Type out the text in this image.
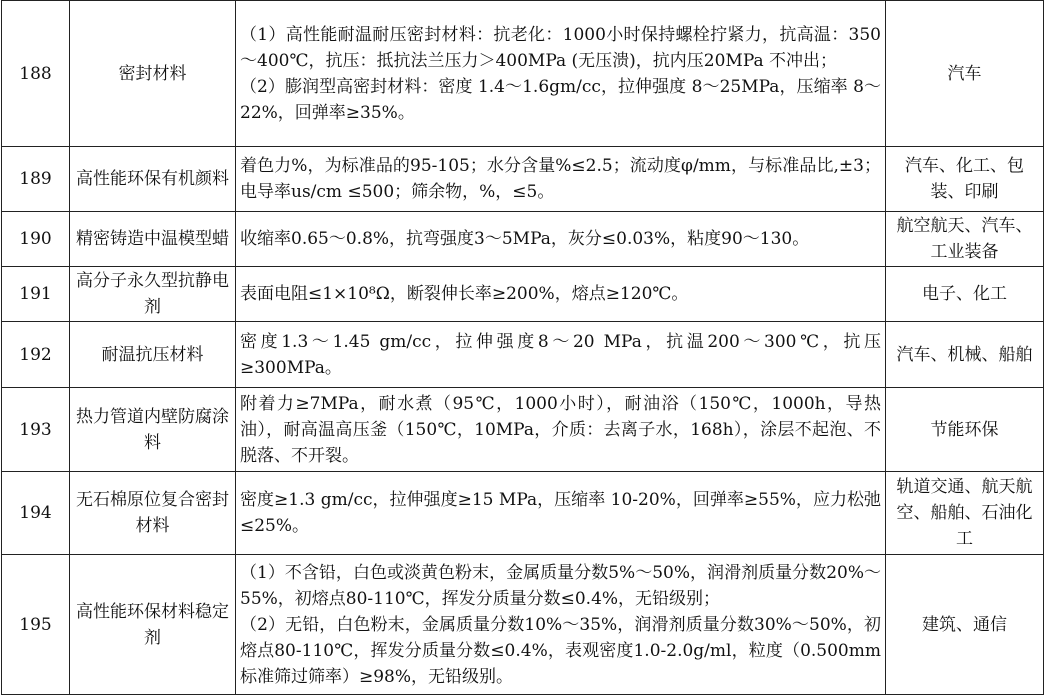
188	密封材料	（1）高性能耐温耐压密封材料：抗老化：1000小时保持螺栓拧紧力，抗高温：350～400℃，抗压：抵抗法兰压力＞400MPa (无压溃)，抗内压20MPa 不冲出；
（2）膨润型高密封材料：密度 1.4～1.6gm/cc，拉伸强度 8～25MPa，压缩率 8～22%，回弹率≥35%。	汽车
189	高性能环保有机颜料	着色力%，为标准品的95-105；水分含量%≤2.5；流动度φ/mm，与标准品比,±3；电导率us/cm ≤500；筛余物，%，≤5。	汽车、化工、包装、印刷
190	精密铸造中温模型蜡	收缩率0.65～0.8%，抗弯强度3～5MPa，灰分≤0.03%，粘度90～130。	航空航天、汽车、工业装备
191	高分子永久型抗静电剂	表面电阻≤1×10⁸Ω，断裂伸长率≥200%，熔点≥120℃。	电子、化工
192	耐温抗压材料	密度1.3～1.45 gm/cc，拉伸强度8～20 MPa，抗温200～300℃，抗压≥300MPa。	汽车、机械、船舶
193	热力管道内壁防腐涂料	附着力≥7MPa，耐水煮（95℃，1000小时），耐油浴（150℃，1000h，导热油），耐高温高压釜（150℃，10MPa，介质：去离子水，168h），涂层不起泡、不脱落、不开裂。	节能环保
194	无石棉原位复合密封材料	密度≥1.3 gm/cc，拉伸强度≥15 MPa，压缩率 10-20%，回弹率≥55%，应力松弛≤25%。	轨道交通、航天航空、船舶、石油化工
195	高性能环保材料稳定剂	（1）不含铅，白色或淡黄色粉末，金属质量分数5%～50%，润滑剂质量分数20%～55%，初熔点80-110℃，挥发分质量分数≤0.4%，无铅级别；
（2）无铅，白色粉末，金属质量分数10%～35%，润滑剂质量分数30%～50%，初熔点80-110℃，挥发分质量分数≤0.4%，表观密度1.0-2.0g/ml，粒度（0.500mm标准筛过筛率）≥98%，无铅级别。	建筑、通信
